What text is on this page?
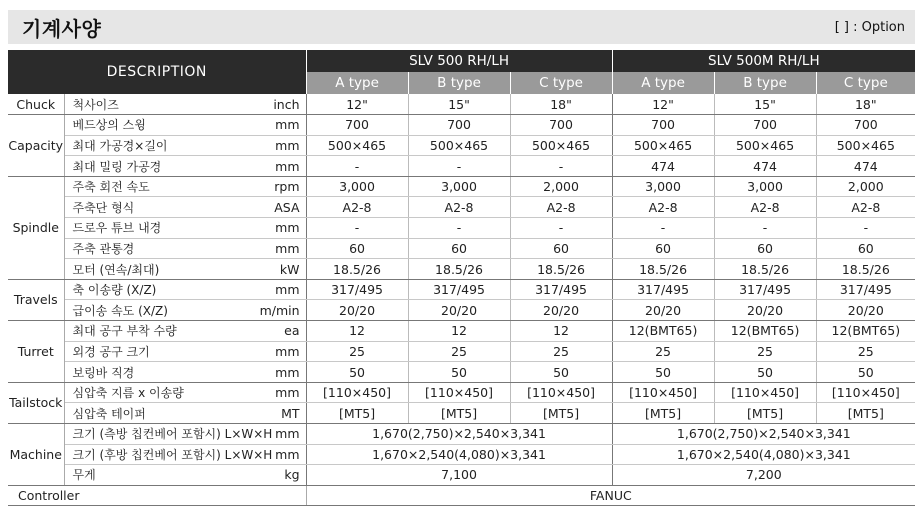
기계사양	[ ] : Option
DESCRIPTION			SLV 500 RH/LH			SLV 500M RH/LH		
			A type	B type	C type	A type	B type	C type
Chuck	척사이즈	inch	12"	15"	18"	12"	15"	18"
Capacity	베드상의 스윙	mm	700	700	700	700	700	700
	최대 가공경×길이	mm	500×465	500×465	500×465	500×465	500×465	500×465
	최대 밀링 가공경	mm	-	-	-	474	474	474
Spindle	주축 회전 속도	rpm	3,000	3,000	2,000	3,000	3,000	2,000
	주축단 형식	ASA	A2-8	A2-8	A2-8	A2-8	A2-8	A2-8
	드로우 튜브 내경	mm	-	-	-	-	-	-
	주축 관통경	mm	60	60	60	60	60	60
	모터 (연속/최대)	kW	18.5/26	18.5/26	18.5/26	18.5/26	18.5/26	18.5/26
Travels	축 이송량 (X/Z)	mm	317/495	317/495	317/495	317/495	317/495	317/495
	급이송 속도 (X/Z)	m/min	20/20	20/20	20/20	20/20	20/20	20/20
Turret	최대 공구 부착 수량	ea	12	12	12	12(BMT65)	12(BMT65)	12(BMT65)
	외경 공구 크기	mm	25	25	25	25	25	25
	보링바 직경	mm	50	50	50	50	50	50
Tailstock	심압축 지름 x 이송량	mm	[110×450]	[110×450]	[110×450]	[110×450]	[110×450]	[110×450]
	심압축 테이퍼	MT	[MT5]	[MT5]	[MT5]	[MT5]	[MT5]	[MT5]
Machine	크기 (측방 칩컨베어 포함시) L×W×H	mm	1,670(2,750)×2,540×3,341			1,670(2,750)×2,540×3,341		
	크기 (후방 칩컨베어 포함시) L×W×H	mm	1,670×2,540(4,080)×3,341			1,670×2,540(4,080)×3,341		
	무게	kg	7,100			7,200		
Controller			FANUC					
